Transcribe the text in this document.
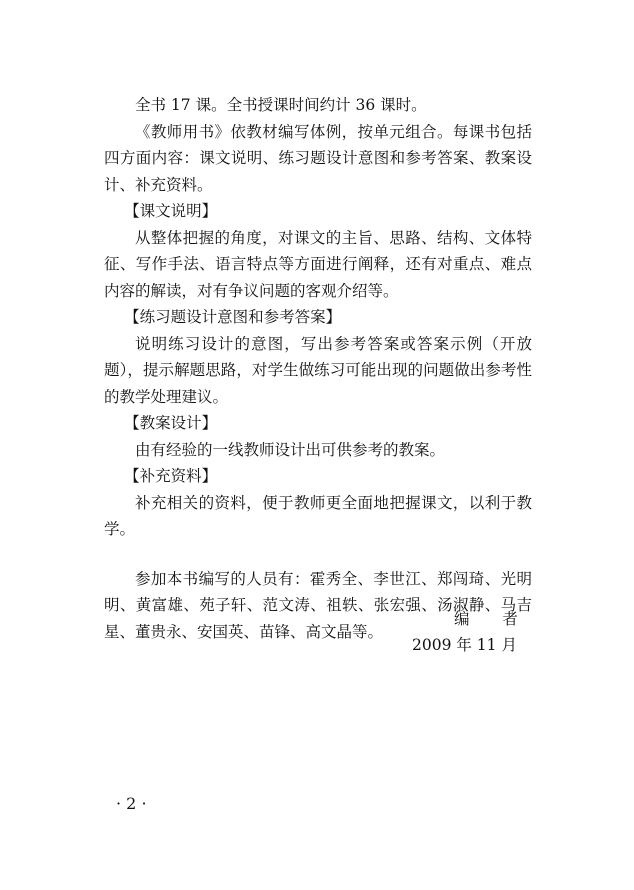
全书 17 课。全书授课时间约计 36 课时。

《教师用书》依教材编写体例，按单元组合。每课书包括四方面内容：课文说明、练习题设计意图和参考答案、教案设计、补充资料。

【课文说明】

从整体把握的角度，对课文的主旨、思路、结构、文体特征、写作手法、语言特点等方面进行阐释，还有对重点、难点内容的解读，对有争议问题的客观介绍等。

【练习题设计意图和参考答案】

说明练习设计的意图，写出参考答案或答案示例（开放题），提示解题思路，对学生做练习可能出现的问题做出参考性的教学处理建议。

【教案设计】

由有经验的一线教师设计出可供参考的教案。

【补充资料】

补充相关的资料，便于教师更全面地把握课文，以利于教学。

参加本书编写的人员有：霍秀全、李世江、郑闯琦、光明明、黄富雄、苑子轩、范文涛、祖轶、张宏强、汤淑静、马吉星、董贵永、安国英、苗锋、高文晶等。

编 者
2009 年 11 月
· 2 ·
